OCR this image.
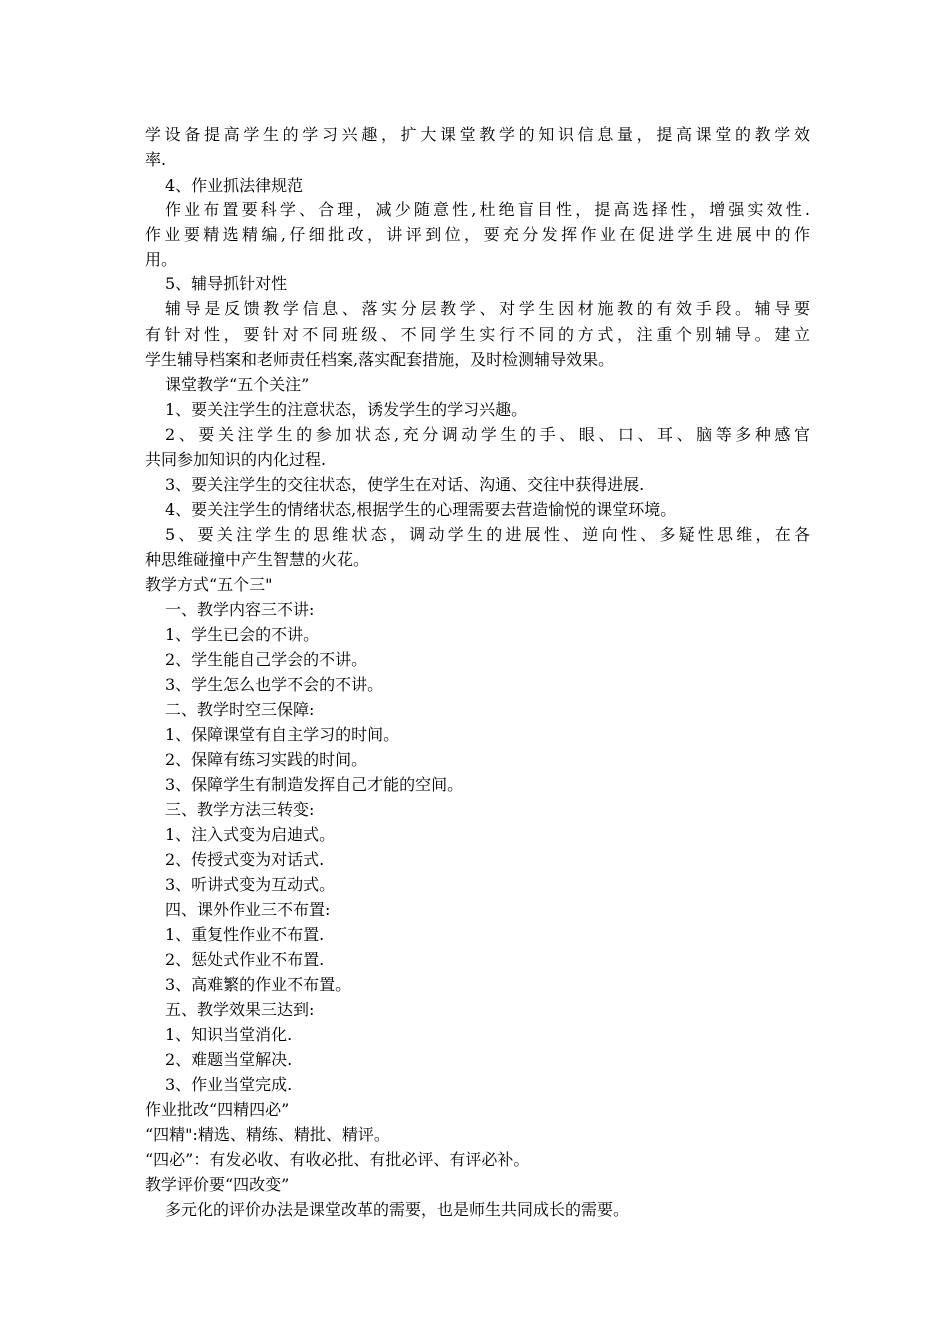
学设备提高学生的学习兴趣，扩大课堂教学的知识信息量，提高课堂的教学效
率.
4、作业抓法律规范
作业布置要科学、合理，减少随意性,杜绝盲目性，提高选择性，增强实效性.
作业要精选精编,仔细批改，讲评到位，要充分发挥作业在促进学生进展中的作
用。
5、辅导抓针对性
辅导是反馈教学信息、落实分层教学、对学生因材施教的有效手段。辅导要
有针对性，要针对不同班级、不同学生实行不同的方式，注重个别辅导。建立
学生辅导档案和老师责任档案,落实配套措施，及时检测辅导效果。
课堂教学“五个关注”
1、要关注学生的注意状态，诱发学生的学习兴趣。
2、要关注学生的参加状态,充分调动学生的手、眼、口、耳、脑等多种感官
共同参加知识的内化过程.
3、要关注学生的交往状态，使学生在对话、沟通、交往中获得进展.
4、要关注学生的情绪状态,根据学生的心理需要去营造愉悦的课堂环境。
5、要关注学生的思维状态，调动学生的进展性、逆向性、多疑性思维，在各
种思维碰撞中产生智慧的火花。
教学方式“五个三"
一、教学内容三不讲:
1、学生已会的不讲。
2、学生能自己学会的不讲。
3、学生怎么也学不会的不讲。
二、教学时空三保障:
1、保障课堂有自主学习的时间。
2、保障有练习实践的时间。
3、保障学生有制造发挥自己才能的空间。
三、教学方法三转变:
1、注入式变为启迪式。
2、传授式变为对话式.
3、听讲式变为互动式。
四、课外作业三不布置:
1、重复性作业不布置.
2、惩处式作业不布置.
3、高难繁的作业不布置。
五、教学效果三达到:
1、知识当堂消化.
2、难题当堂解决.
3、作业当堂完成.
作业批改“四精四必”
“四精":精选、精练、精批、精评。
“四必”：有发必收、有收必批、有批必评、有评必补。
教学评价要“四改变”
多元化的评价办法是课堂改革的需要，也是师生共同成长的需要。
